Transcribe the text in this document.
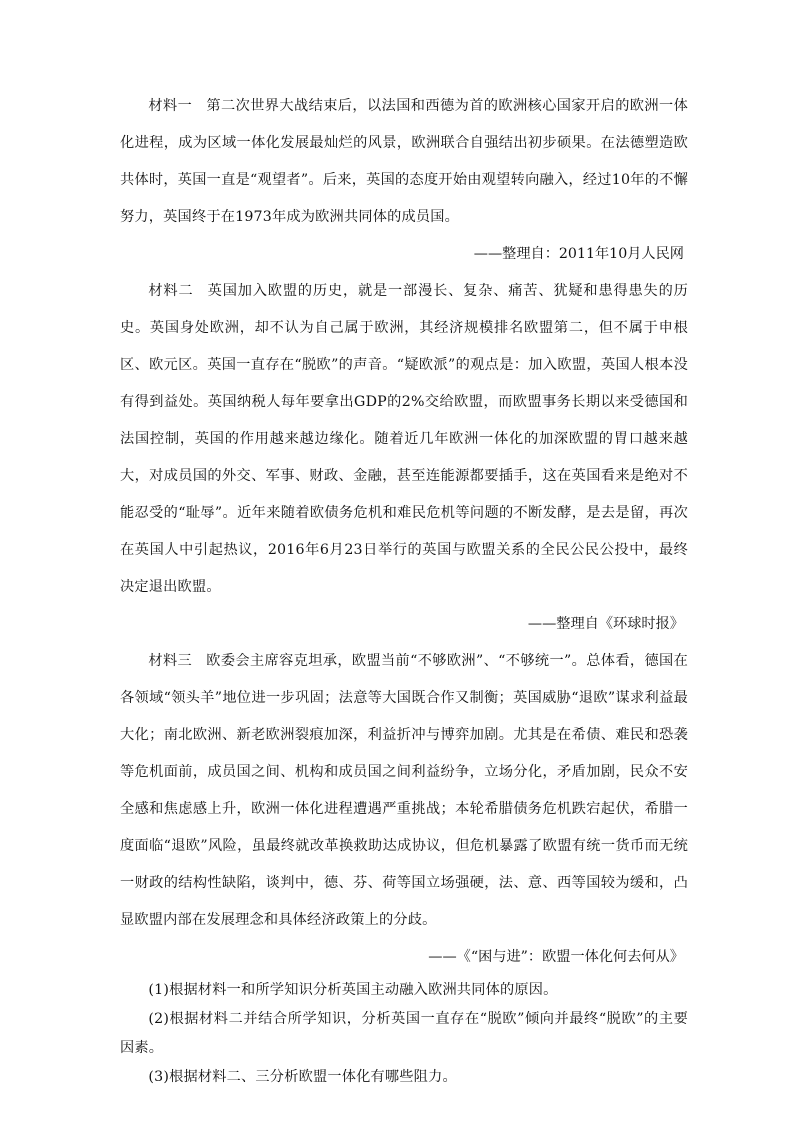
材料一 第二次世界大战结束后，以法国和西德为首的欧洲核心国家开启的欧洲一体化进程，成为区域一体化发展最灿烂的风景，欧洲联合自强结出初步硕果。在法德塑造欧共体时，英国一直是“观望者”。后来，英国的态度开始由观望转向融入，经过10年的不懈努力，英国终于在1973年成为欧洲共同体的成员国。

——整理自：2011年10月人民网

材料二 英国加入欧盟的历史，就是一部漫长、复杂、痛苦、犹疑和患得患失的历史。英国身处欧洲，却不认为自己属于欧洲，其经济规模排名欧盟第二，但不属于申根区、欧元区。英国一直存在“脱欧”的声音。“疑欧派”的观点是：加入欧盟，英国人根本没有得到益处。英国纳税人每年要拿出GDP的2%交给欧盟，而欧盟事务长期以来受德国和法国控制，英国的作用越来越边缘化。随着近几年欧洲一体化的加深欧盟的胃口越来越大，对成员国的外交、军事、财政、金融，甚至连能源都要插手，这在英国看来是绝对不能忍受的“耻辱”。近年来随着欧债务危机和难民危机等问题的不断发酵，是去是留，再次在英国人中引起热议，2016年6月23日举行的英国与欧盟关系的全民公民公投中，最终决定退出欧盟。

——整理自《环球时报》

材料三 欧委会主席容克坦承，欧盟当前“不够欧洲”、“不够统一”。总体看，德国在各领域“领头羊”地位进一步巩固；法意等大国既合作又制衡；英国威胁“退欧”谋求利益最大化；南北欧洲、新老欧洲裂痕加深，利益折冲与博弈加剧。尤其是在希债、难民和恐袭等危机面前，成员国之间、机构和成员国之间利益纷争，立场分化，矛盾加剧，民众不安全感和焦虑感上升，欧洲一体化进程遭遇严重挑战；本轮希腊债务危机跌宕起伏，希腊一度面临“退欧”风险，虽最终就改革换救助达成协议，但危机暴露了欧盟有统一货币而无统一财政的结构性缺陷，谈判中，德、芬、荷等国立场强硬，法、意、西等国较为缓和，凸显欧盟内部在发展理念和具体经济政策上的分歧。

——《“困与进”：欧盟一体化何去何从》

(1)根据材料一和所学知识分析英国主动融入欧洲共同体的原因。

(2)根据材料二并结合所学知识，分析英国一直存在“脱欧”倾向并最终“脱欧”的主要因素。

(3)根据材料二、三分析欧盟一体化有哪些阻力。
